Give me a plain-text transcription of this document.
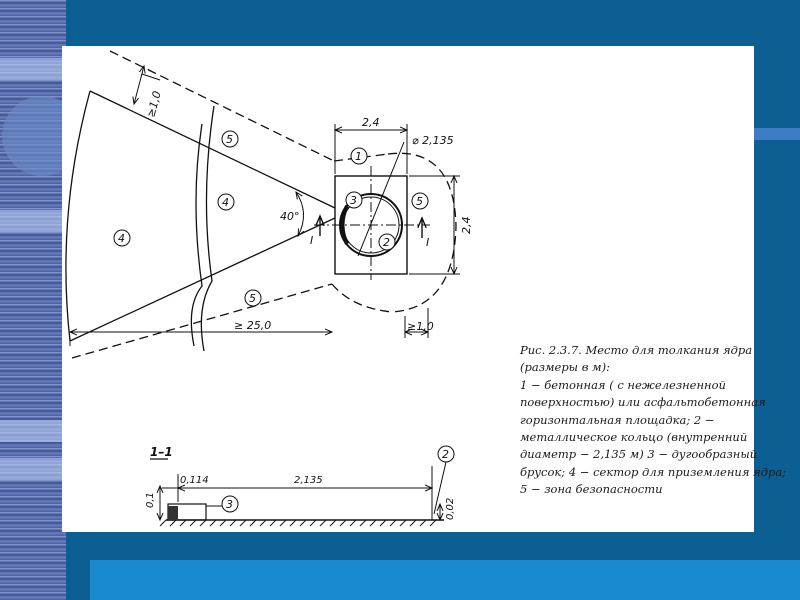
1
2
3
4
4
5
5
5
2,4
⌀ 2,135
2,4
≥1,0
≥1,0
≥ 25,0
40°
I	I
1–1
0,114	2,135
0,1	0,02
3
2
Рис. 2.3.7. Место для толкания ядра
(размеры в м):
1 − бетонная ( с нежелезненной
поверхностью) или асфальтобетонная
горизонтальная площадка; 2 −
металлическое кольцо (внутренний
диаметр − 2,135 м) 3 − дугообразный
брусок; 4 − сектор для приземления ядра;
5 − зона безопасности
